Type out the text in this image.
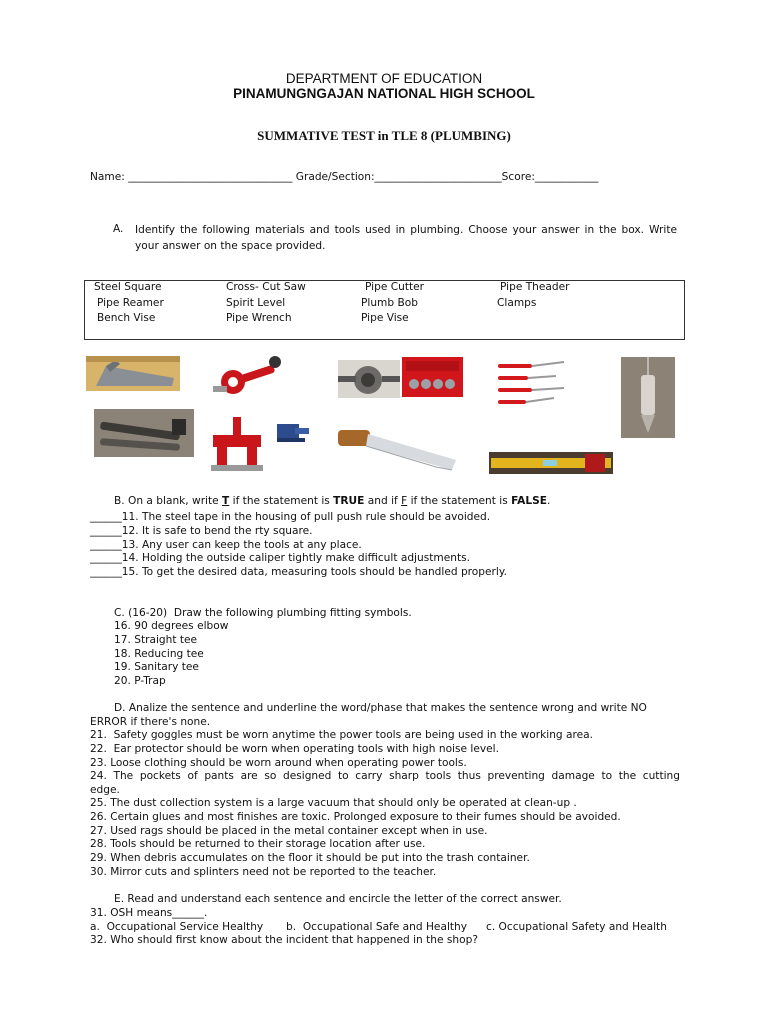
DEPARTMENT OF EDUCATION
PINAMUNGNGAJAN NATIONAL HIGH SCHOOL
SUMMATIVE TEST in TLE 8 (PLUMBING)
Name: _______________________________ Grade/Section:________________________Score:____________
A. Identify the following materials and tools used in plumbing. Choose your answer in the box. Write your answer on the space provided.
Steel Square	Cross- Cut Saw	Pipe Cutter	Pipe Theader
Pipe Reamer	Spirit Level	Plumb Bob	Clamps
Bench Vise	Pipe Wrench	Pipe Vise
B. On a blank, write T if the statement is TRUE and if F if the statement is FALSE.
______11. The steel tape in the housing of pull push rule should be avoided.
______12. It is safe to bend the rty square.
______13. Any user can keep the tools at any place.
______14. Holding the outside caliper tightly make difficult adjustments.
______15. To get the desired data, measuring tools should be handled properly.
C. (16-20)  Draw the following plumbing fitting symbols.
16. 90 degrees elbow
17. Straight tee
18. Reducing tee
19. Sanitary tee
20. P-Trap
D. Analize the sentence and underline the word/phase that makes the sentence wrong and write NO
ERROR if there's none.
21.  Safety goggles must be worn anytime the power tools are being used in the working area.
22.  Ear protector should be worn when operating tools with high noise level.
23. Loose clothing should be worn around when operating power tools.
24. The pockets of pants are so designed to carry sharp tools thus preventing damage to the cutting
edge.
25. The dust collection system is a large vacuum that should only be operated at clean-up .
26. Certain glues and most finishes are toxic. Prolonged exposure to their fumes should be avoided.
27. Used rags should be placed in the metal container except when in use.
28. Tools should be returned to their storage location after use.
29. When debris accumulates on the floor it should be put into the trash container.
30. Mirror cuts and splinters need not be reported to the teacher.
E. Read and understand each sentence and encircle the letter of the correct answer.
31. OSH means______.
a.  Occupational Service Healthy b.  Occupational Safe and Healthy c. Occupational Safety and Health
32. Who should first know about the incident that happened in the shop?
